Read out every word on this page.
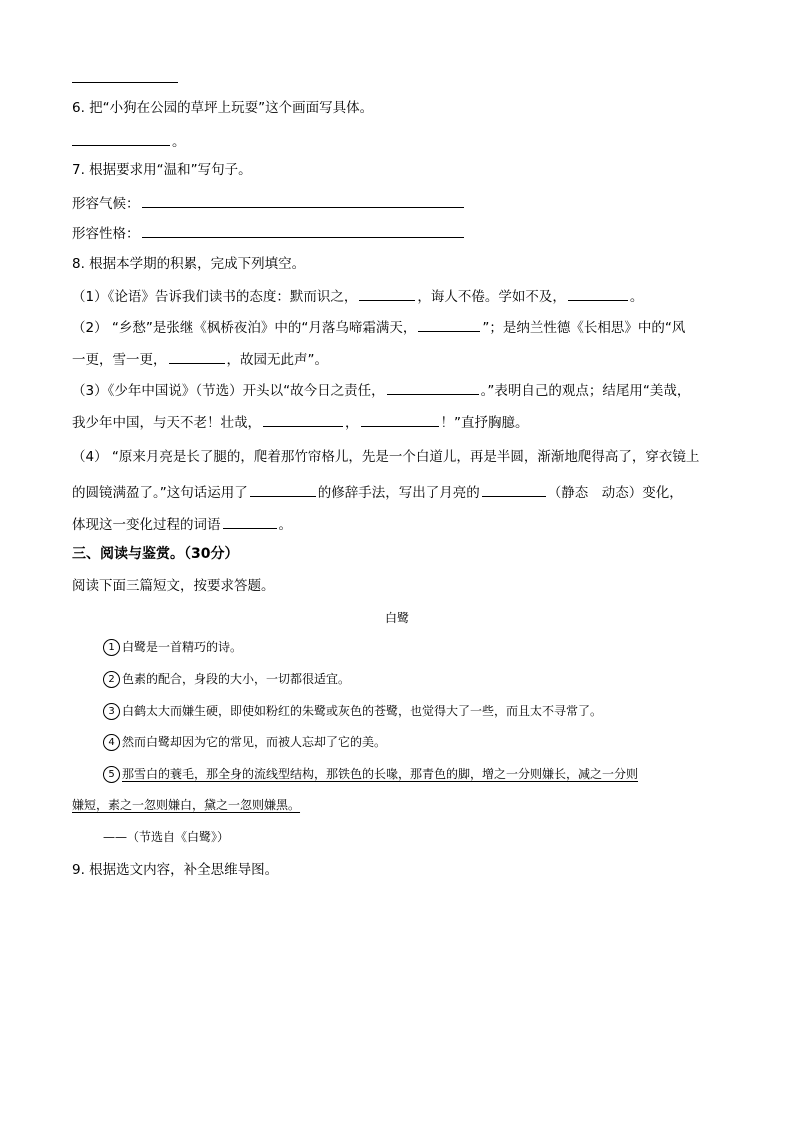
6. 把“小狗在公园的草坪上玩耍”这个画面写具体。
。
7. 根据要求用“温和”写句子。
形容气候：
形容性格：
8. 根据本学期的积累，完成下列填空。
（1）《论语》告诉我们读书的态度：默而识之，	，诲人不倦。学如不及，	。
（2） “乡愁”是张继《枫桥夜泊》中的“月落乌啼霜满天，	”；是纳兰性德《长相思》中的“风
一更，雪一更，	，故园无此声”。
（3）《少年中国说》（节选）开头以“故今日之责任，	。”表明自己的观点；结尾用“美哉，
我少年中国，与天不老！壮哉，	，	！”直抒胸臆。
（4） “原来月亮是长了腿的，爬着那竹帘格儿，先是一个白道儿，再是半圆，渐渐地爬得高了，穿衣镜上
的圆镜满盈了。”这句话运用了	的修辞手法，写出了月亮的	（静态　动态）变化，
体现这一变化过程的词语	。
三、阅读与鉴赏。（30分）
阅读下面三篇短文，按要求答题。
白鹭
1 白鹭是一首精巧的诗。
2 色素的配合，身段的大小，一切都很适宜。
3 白鹤太大而嫌生硬，即使如粉红的朱鹭或灰色的苍鹭，也觉得大了一些，而且太不寻常了。
4 然而白鹭却因为它的常见，而被人忘却了它的美。
5 那雪白的蓑毛，那全身的流线型结构，那铁色的长喙，那青色的脚，增之一分则嫌长，减之一分则
嫌短，素之一忽则嫌白，黛之一忽则嫌黑。
——（节选自《白鹭》）
9. 根据选文内容，补全思维导图。
